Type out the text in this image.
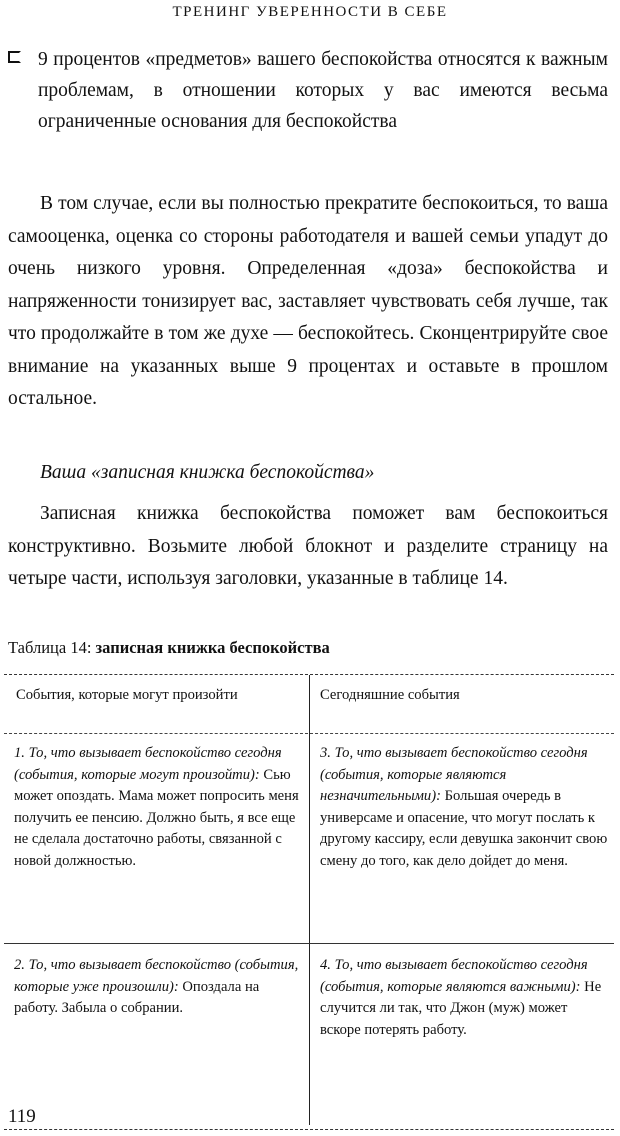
ТРЕНИНГ УВЕРЕННОСТИ В СЕБЕ
9 процентов «предметов» вашего беспокойства относятся к важным проблемам, в отношении которых у вас имеются весьма ограниченные основания для беспокойства
В том случае, если вы полностью прекратите беспокоиться, то ваша самооценка, оценка со стороны работодателя и вашей семьи упадут до очень низкого уровня. Определенная «доза» беспокойства и напряженности тонизирует вас, заставляет чувствовать себя лучше, так что продолжайте в том же духе — беспокойтесь. Сконцентрируйте свое внимание на указанных выше 9 процентах и оставьте в прошлом остальное.
Ваша «записная книжка беспокойства»
Записная книжка беспокойства поможет вам беспокоиться конструктивно. Возьмите любой блокнот и разделите страницу на четыре части, используя заголовки, указанные в таблице 14.
Таблица 14: записная книжка беспокойства
События, которые могут произойти	Сегодняшние события
1. То, что вызывает беспокойство сегодня (события, которые могут произойти): Сью может опоздать. Мама может попросить меня получить ее пенсию. Должно быть, я все еще не сделала достаточно работы, связанной с новой должностью.
3. То, что вызывает беспокойство сегодня (события, которые являются незначительными): Большая очередь в универсаме и опасение, что могут послать к другому кассиру, если девушка закончит свою смену до того, как дело дойдет до меня.
2. То, что вызывает беспокойство (события, которые уже произошли): Опоздала на работу. Забыла о собрании.
4. То, что вызывает беспокойство сегодня (события, которые являются важными): Не случится ли так, что Джон (муж) может вскоре потерять работу.
119
